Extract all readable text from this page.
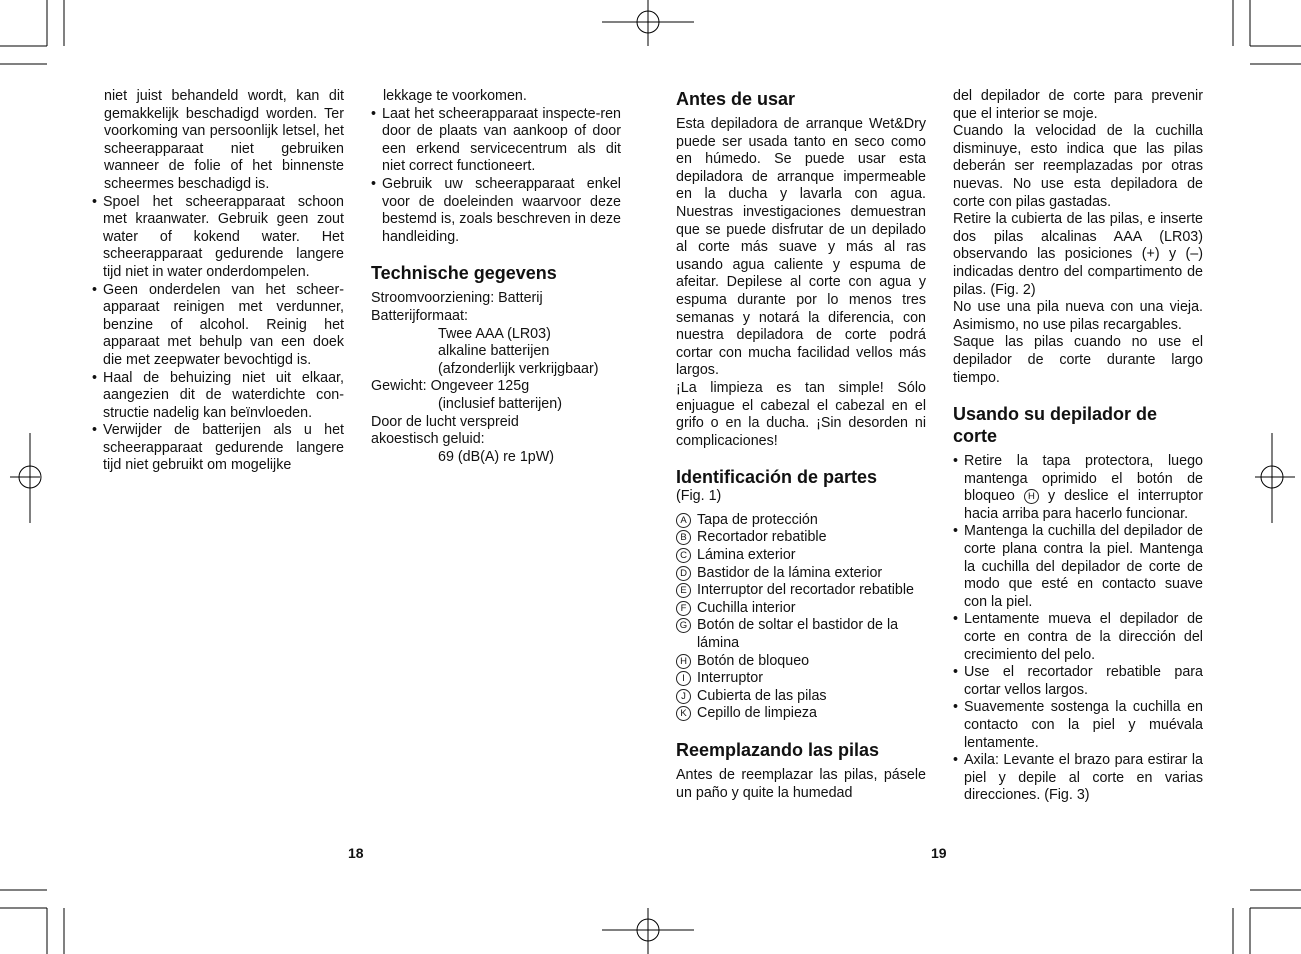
niet juist behandeld wordt, kan dit gemakkelijk beschadigd worden. Ter voorkoming van persoonlijk letsel, het scheerapparaat niet gebruiken wanneer de folie of het binnenste scheermes beschadigd is.

• Spoel het scheerapparaat schoon met kraanwater. Gebruik geen zout water of kokend water. Het scheerapparaat gedurende langere tijd niet in water onderdompelen.
• Geen onderdelen van het scheer-apparaat reinigen met verdunner, benzine of alcohol. Reinig het apparaat met behulp van een doek die met zeepwater bevochtigd is.
• Haal de behuizing niet uit elkaar, aangezien dit de waterdichte con-structie nadelig kan beïnvloeden.
• Verwijder de batterijen als u het scheerapparaat gedurende langere tijd niet gebruikt om mogelijke

lekkage te voorkomen.

• Laat het scheerapparaat inspecte-ren door de plaats van aankoop of door een erkend servicecentrum als dit niet correct functioneert.
• Gebruik uw scheerapparaat enkel voor de doeleinden waarvoor deze bestemd is, zoals beschreven in deze handleiding.
Technische gegevens

Stroomvoorziening: Batterij

Batterijformaat:

Twee AAA (LR03)

alkaline batterijen

(afzonderlijk verkrijgbaar)

Gewicht: Ongeveer 125g

(inclusief batterijen)

Door de lucht verspreid

akoestisch geluid:

69 (dB(A) re 1pW)

Antes de usar

Esta depiladora de arranque Wet&Dry puede ser usada tanto en seco como en húmedo. Se puede usar esta depiladora de arranque impermeable en la ducha y lavarla con agua. Nuestras investigaciones demuestran que se puede disfrutar de un depilado al corte más suave y más al ras usando agua caliente y espuma de afeitar. Depilese al corte con agua y espuma durante por lo menos tres semanas y notará la diferencia, con nuestra depiladora de corte podrá cortar con mucha facilidad vellos más largos.

¡La limpieza es tan simple! Sólo enjuague el cabezal el cabezal en el grifo o en la ducha. ¡Sin desorden ni complicaciones!

Identificación de partes

(Fig. 1)

A Tapa de protección
B Recortador rebatible
C Lámina exterior
D Bastidor de la lámina exterior
E Interruptor del recortador rebatible
F Cuchilla interior
G Botón de soltar el bastidor de la lámina
H Botón de bloqueo
I Interruptor
J Cubierta de las pilas
K Cepillo de limpieza
Reemplazando las pilas

Antes de reemplazar las pilas, pásele un paño y quite la humedad

del depilador de corte para prevenir que el interior se moje.

Cuando la velocidad de la cuchilla disminuye, esto indica que las pilas deberán ser reemplazadas por otras nuevas. No use esta depiladora de corte con pilas gastadas.

Retire la cubierta de las pilas, e inserte dos pilas alcalinas AAA (LR03) observando las posiciones (+) y (–) indicadas dentro del compartimento de pilas. (Fig. 2)

No use una pila nueva con una vieja. Asimismo, no use pilas recargables.

Saque las pilas cuando no use el depilador de corte durante largo tiempo.

Usando su depilador de corte
• Retire la tapa protectora, luego mantenga oprimido el botón de bloqueo H y deslice el interruptor hacia arriba para hacerlo funcionar.
• Mantenga la cuchilla del depilador de corte plana contra la piel. Mantenga la cuchilla del depilador de corte de modo que esté en contacto suave con la piel.
• Lentamente mueva el depilador de corte en contra de la dirección del crecimiento del pelo.
• Use el recortador rebatible para cortar vellos largos.
• Suavemente sostenga la cuchilla en contacto con la piel y muévala lentamente.
• Axila: Levante el brazo para estirar la piel y depile al corte en varias direcciones. (Fig. 3)
18	19
